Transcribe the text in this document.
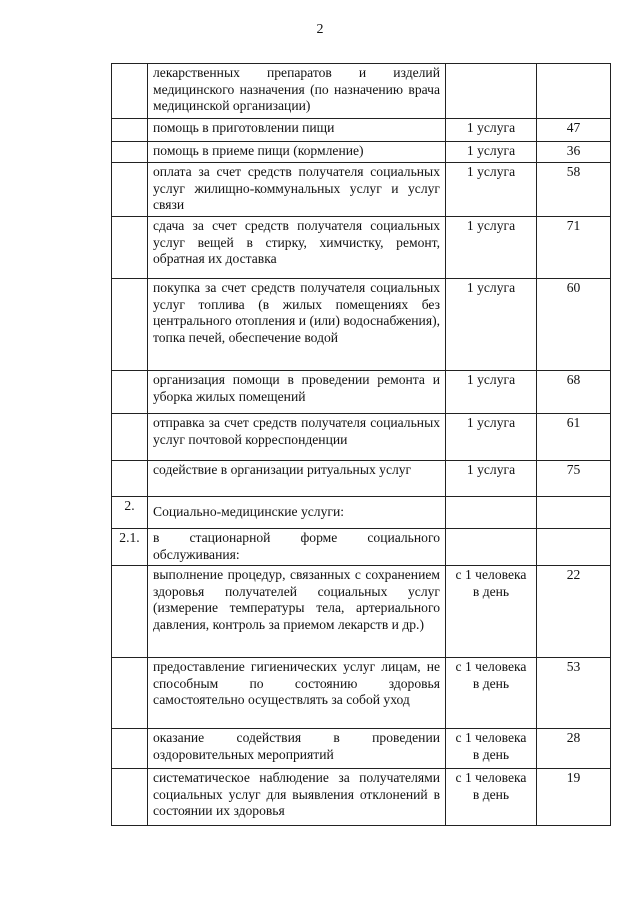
2
	лекарственных препаратов и изделий медицинского назначения (по назначению врача медицинской организации)		
	помощь в приготовлении пищи	1 услуга	47
	помощь в приеме пищи (кормление)	1 услуга	36
	оплата за счет средств получателя социальных услуг жилищно-коммунальных услуг и услуг связи	1 услуга	58
	сдача за счет средств получателя социальных услуг вещей в стирку, химчистку, ремонт, обратная их доставка	1 услуга	71
	покупка за счет средств получателя социальных услуг топлива (в жилых помещениях без центрального отопления и (или) водоснабжения), топка печей, обеспечение водой	1 услуга	60
	организация помощи в проведении ремонта и уборка жилых помещений	1 услуга	68
	отправка за счет средств получателя социальных услуг почтовой корреспонденции	1 услуга	61
	содействие в организации ритуальных услуг	1 услуга	75
2.	Социально-медицинские услуги:		
2.1.	в стационарной форме социального обслуживания:		
	выполнение процедур, связанных с сохранением здоровья получателей социальных услуг (измерение температуры тела, артериального давления, контроль за приемом лекарств и др.)	с 1 человека в день	22
	предоставление гигиенических услуг лицам, не способным по состоянию здоровья самостоятельно осуществлять за собой уход	с 1 человека в день	53
	оказание содействия в проведении оздоровительных мероприятий	с 1 человека в день	28
	систематическое наблюдение за получателями социальных услуг для выявления отклонений в состоянии их здоровья	с 1 человека в день	19
